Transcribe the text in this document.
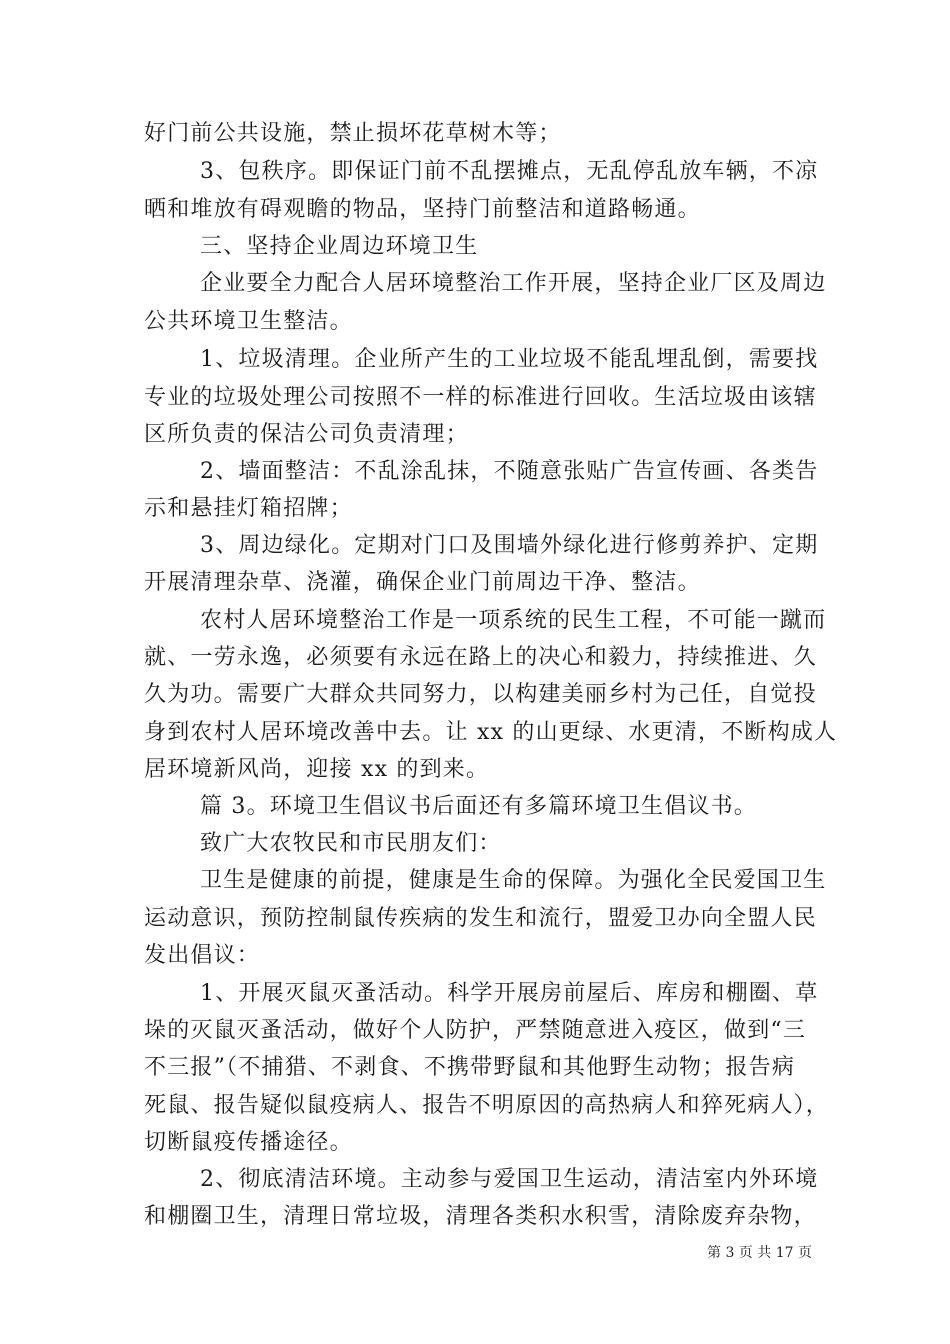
好门前公共设施，禁止损坏花草树木等；
3、包秩序。即保证门前不乱摆摊点，无乱停乱放车辆，不凉
晒和堆放有碍观瞻的物品，坚持门前整洁和道路畅通。
三、坚持企业周边环境卫生
企业要全力配合人居环境整治工作开展，坚持企业厂区及周边
公共环境卫生整洁。
1、垃圾清理。企业所产生的工业垃圾不能乱埋乱倒，需要找
专业的垃圾处理公司按照不一样的标准进行回收。生活垃圾由该辖
区所负责的保洁公司负责清理；
2、墙面整洁：不乱涂乱抹，不随意张贴广告宣传画、各类告
示和悬挂灯箱招牌；
3、周边绿化。定期对门口及围墙外绿化进行修剪养护、定期
开展清理杂草、浇灌，确保企业门前周边干净、整洁。
农村人居环境整治工作是一项系统的民生工程，不可能一蹴而
就、一劳永逸，必须要有永远在路上的决心和毅力，持续推进、久
久为功。需要广大群众共同努力，以构建美丽乡村为己任，自觉投
身到农村人居环境改善中去。让 xx 的山更绿、水更清，不断构成人
居环境新风尚，迎接 xx 的到来。
篇 3。环境卫生倡议书后面还有多篇环境卫生倡议书。
致广大农牧民和市民朋友们：
卫生是健康的前提，健康是生命的保障。为强化全民爱国卫生
运动意识，预防控制鼠传疾病的发生和流行，盟爱卫办向全盟人民
发出倡议：
1、开展灭鼠灭蚤活动。科学开展房前屋后、库房和棚圈、草
垛的灭鼠灭蚤活动，做好个人防护，严禁随意进入疫区，做到“三
不三报”（不捕猎、不剥食、不携带野鼠和其他野生动物；报告病
死鼠、报告疑似鼠疫病人、报告不明原因的高热病人和猝死病人），
切断鼠疫传播途径。
2、彻底清洁环境。主动参与爱国卫生运动，清洁室内外环境
和棚圈卫生，清理日常垃圾，清理各类积水积雪，清除废弃杂物，
第 3 页 共 17 页
